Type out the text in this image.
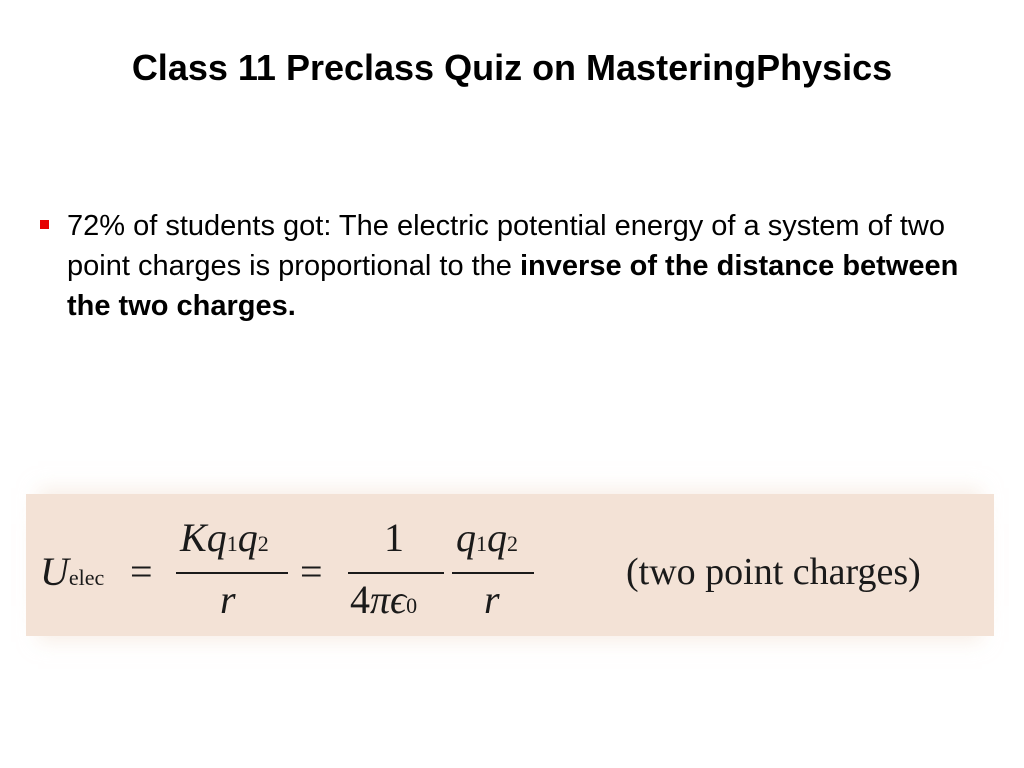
Class 11 Preclass Quiz on MasteringPhysics
72% of students got: The electric potential energy of a system of two point charges is proportional to the inverse of the distance between the two charges.
Uelec =
Kq1q2
r
=
1
4πϵ0
q1q2
r
(two point charges)
